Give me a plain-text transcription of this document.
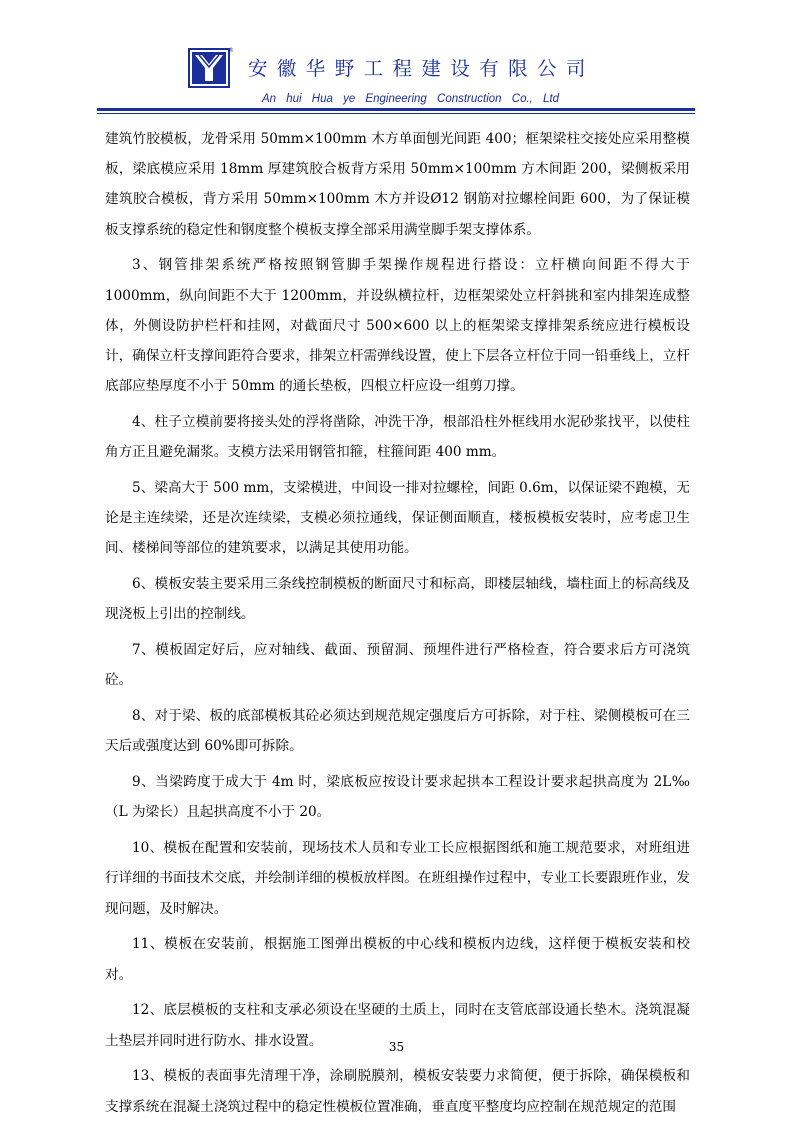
®
安徽华野工程建设有限公司
An hui Hua ye Engineering Construction Co., Ltd

建筑竹胶模板，龙骨采用 50mm×100mm 木方单面刨光间距 400；框架梁柱交接处应采用整模板，梁底模应采用 18mm 厚建筑胶合板背方采用 50mm×100mm 方木间距 200，梁侧板采用建筑胶合模板，背方采用 50mm×100mm 木方并设Ø12 钢筋对拉螺栓间距 600，为了保证模板支撑系统的稳定性和钢度整个模板支撑全部采用满堂脚手架支撑体系。

3、钢管排架系统严格按照钢管脚手架操作规程进行搭设：立杆横向间距不得大于 1000mm，纵向间距不大于 1200mm，并设纵横拉杆，边框架梁处立杆斜挑和室内排架连成整体，外侧设防护栏杆和挂网，对截面尺寸 500×600 以上的框架梁支撑排架系统应进行模板设计，确保立杆支撑间距符合要求，排架立杆需弹线设置，使上下层各立杆位于同一铅垂线上，立杆底部应垫厚度不小于 50mm 的通长垫板，四根立杆应设一组剪刀撑。

4、柱子立模前要将接头处的浮将凿除，冲洗干净，根部沿柱外框线用水泥砂浆找平，以使柱角方正且避免漏浆。支模方法采用钢管扣箍，柱箍间距 400 mm。

5、梁高大于 500 mm，支梁模进，中间设一排对拉螺栓，间距 0.6m，以保证梁不跑模，无论是主连续梁，还是次连续梁，支模必须拉通线，保证侧面顺直，楼板模板安装时，应考虑卫生间、楼梯间等部位的建筑要求，以满足其使用功能。

6、模板安装主要采用三条线控制模板的断面尺寸和标高，即楼层轴线，墙柱面上的标高线及现浇板上引出的控制线。

7、模板固定好后，应对轴线、截面、预留洞、预埋件进行严格检查，符合要求后方可浇筑砼。

8、对于梁、板的底部模板其砼必须达到规范规定强度后方可拆除，对于柱、梁侧模板可在三天后或强度达到 60%即可拆除。

9、当梁跨度于成大于 4m 时，梁底板应按设计要求起拱本工程设计要求起拱高度为 2L‰（L 为梁长）且起拱高度不小于 20。

10、模板在配置和安装前，现场技术人员和专业工长应根据图纸和施工规范要求，对班组进行详细的书面技术交底，并绘制详细的模板放样图。在班组操作过程中，专业工长要跟班作业，发现问题，及时解决。

11、模板在安装前，根据施工图弹出模板的中心线和模板内边线，这样便于模板安装和校对。

12、底层模板的支柱和支承必须设在坚硬的土质上，同时在支管底部设通长垫木。浇筑混凝土垫层并同时进行防水、排水设置。

13、模板的表面事先清理干净，涂刷脱膜剂，模板安装要力求简便，便于拆除，确保模板和支撑系统在混凝土浇筑过程中的稳定性模板位置准确，垂直度平整度均应控制在规范规定的范围

35
